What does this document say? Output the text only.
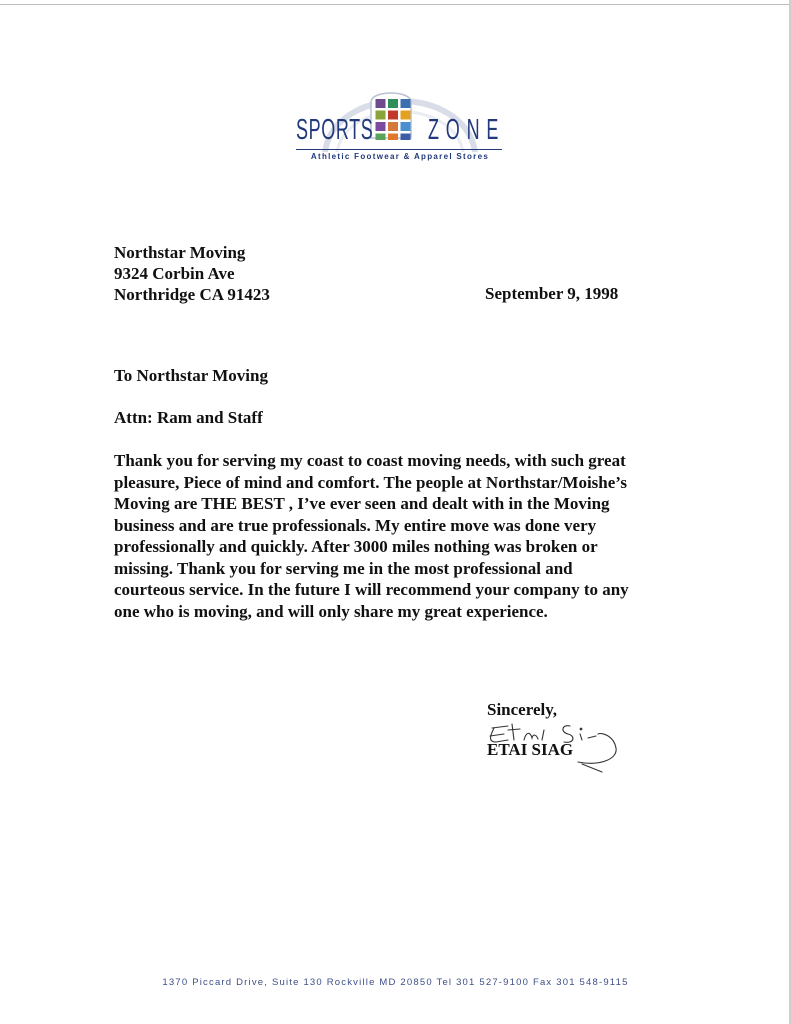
SPORTS ZONE
Athletic Footwear & Apparel Stores
Northstar Moving
9324 Corbin Ave
Northridge CA 91423	September 9, 1998
To Northstar Moving
Attn: Ram and Staff
Thank you for serving my coast to coast moving needs, with such great
pleasure, Piece of mind and comfort. The people at Northstar/Moishe’s
Moving are THE BEST , I’ve ever seen and dealt with in the Moving
business and are true professionals. My entire move was done very
professionally and quickly. After 3000 miles nothing was broken or
missing. Thank you for serving me in the most professional and
courteous service. In the future I will recommend your company to any
one who is moving, and will only share my great experience.
Sincerely,
ETAI SIAG
1370 Piccard Drive, Suite 130 Rockville MD 20850 Tel 301 527-9100 Fax 301 548-9115
